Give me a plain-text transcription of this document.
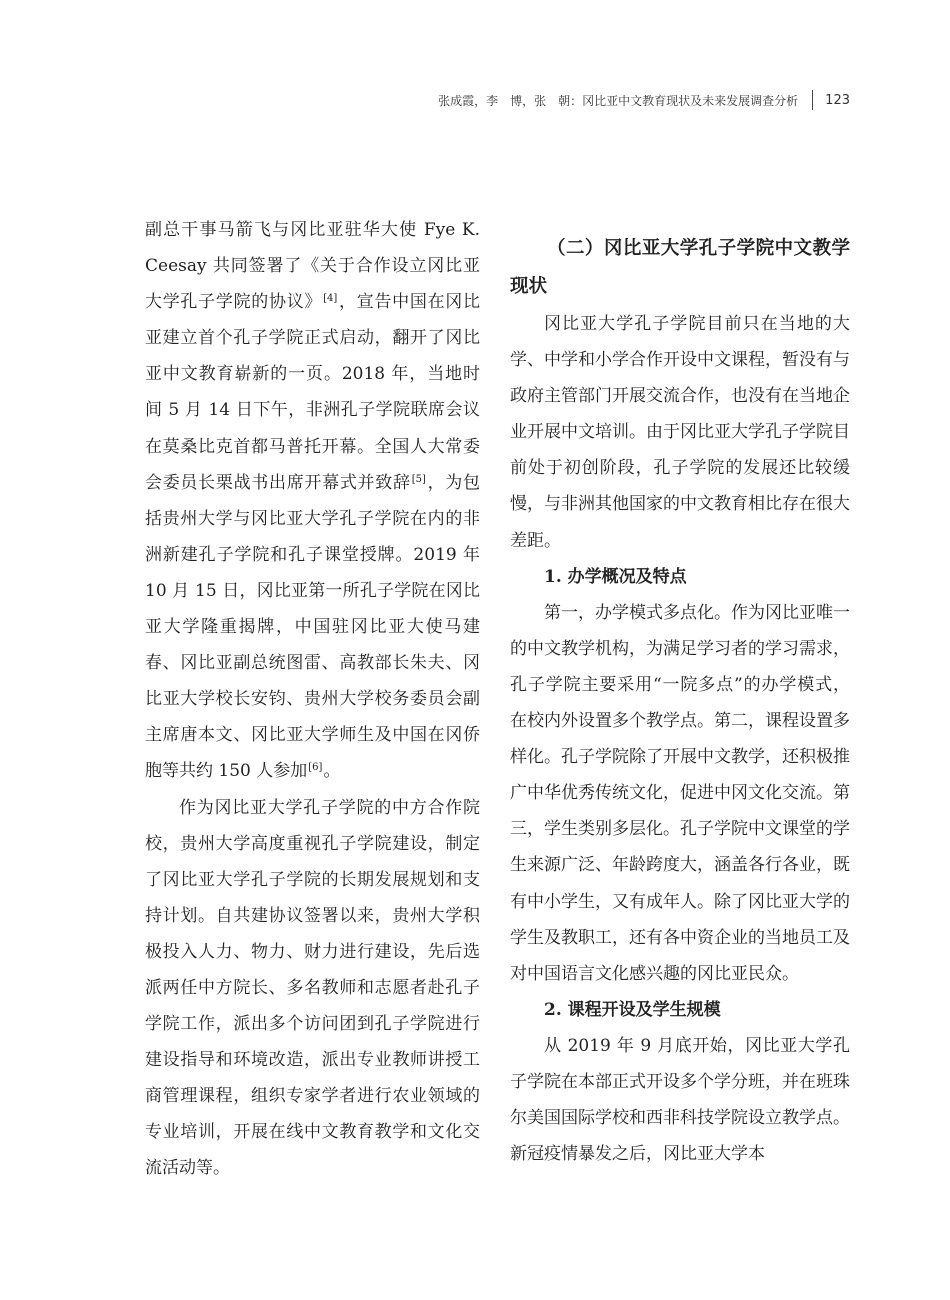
张成霞，李　博，张　朝：冈比亚中文教育现状及未来发展调查分析 123

副总干事马箭飞与冈比亚驻华大使 Fye K. Ceesay 共同签署了《关于合作设立冈比亚大学孔子学院的协议》[4]，宣告中国在冈比亚建立首个孔子学院正式启动，翻开了冈比亚中文教育崭新的一页。2018 年，当地时间 5 月 14 日下午，非洲孔子学院联席会议在莫桑比克首都马普托开幕。全国人大常委会委员长栗战书出席开幕式并致辞[5]，为包括贵州大学与冈比亚大学孔子学院在内的非洲新建孔子学院和孔子课堂授牌。2019 年 10 月 15 日，冈比亚第一所孔子学院在冈比亚大学隆重揭牌，中国驻冈比亚大使马建春、冈比亚副总统图雷、高教部长朱夫、冈比亚大学校长安钧、贵州大学校务委员会副主席唐本文、冈比亚大学师生及中国在冈侨胞等共约 150 人参加[6]。

作为冈比亚大学孔子学院的中方合作院校，贵州大学高度重视孔子学院建设，制定了冈比亚大学孔子学院的长期发展规划和支持计划。自共建协议签署以来，贵州大学积极投入人力、物力、财力进行建设，先后选派两任中方院长、多名教师和志愿者赴孔子学院工作，派出多个访问团到孔子学院进行建设指导和环境改造，派出专业教师讲授工商管理课程，组织专家学者进行农业领域的专业培训，开展在线中文教育教学和文化交流活动等。

（二）冈比亚大学孔子学院中文教学现状

冈比亚大学孔子学院目前只在当地的大学、中学和小学合作开设中文课程，暂没有与政府主管部门开展交流合作，也没有在当地企业开展中文培训。由于冈比亚大学孔子学院目前处于初创阶段，孔子学院的发展还比较缓慢，与非洲其他国家的中文教育相比存在很大差距。

1. 办学概况及特点

第一，办学模式多点化。作为冈比亚唯一的中文教学机构，为满足学习者的学习需求，孔子学院主要采用“一院多点”的办学模式，在校内外设置多个教学点。第二，课程设置多样化。孔子学院除了开展中文教学，还积极推广中华优秀传统文化，促进中冈文化交流。第三，学生类别多层化。孔子学院中文课堂的学生来源广泛、年龄跨度大，涵盖各行各业，既有中小学生，又有成年人。除了冈比亚大学的学生及教职工，还有各中资企业的当地员工及对中国语言文化感兴趣的冈比亚民众。

2. 课程开设及学生规模

从 2019 年 9 月底开始，冈比亚大学孔子学院在本部正式开设多个学分班，并在班珠尔美国国际学校和西非科技学院设立教学点。新冠疫情暴发之后，冈比亚大学本
